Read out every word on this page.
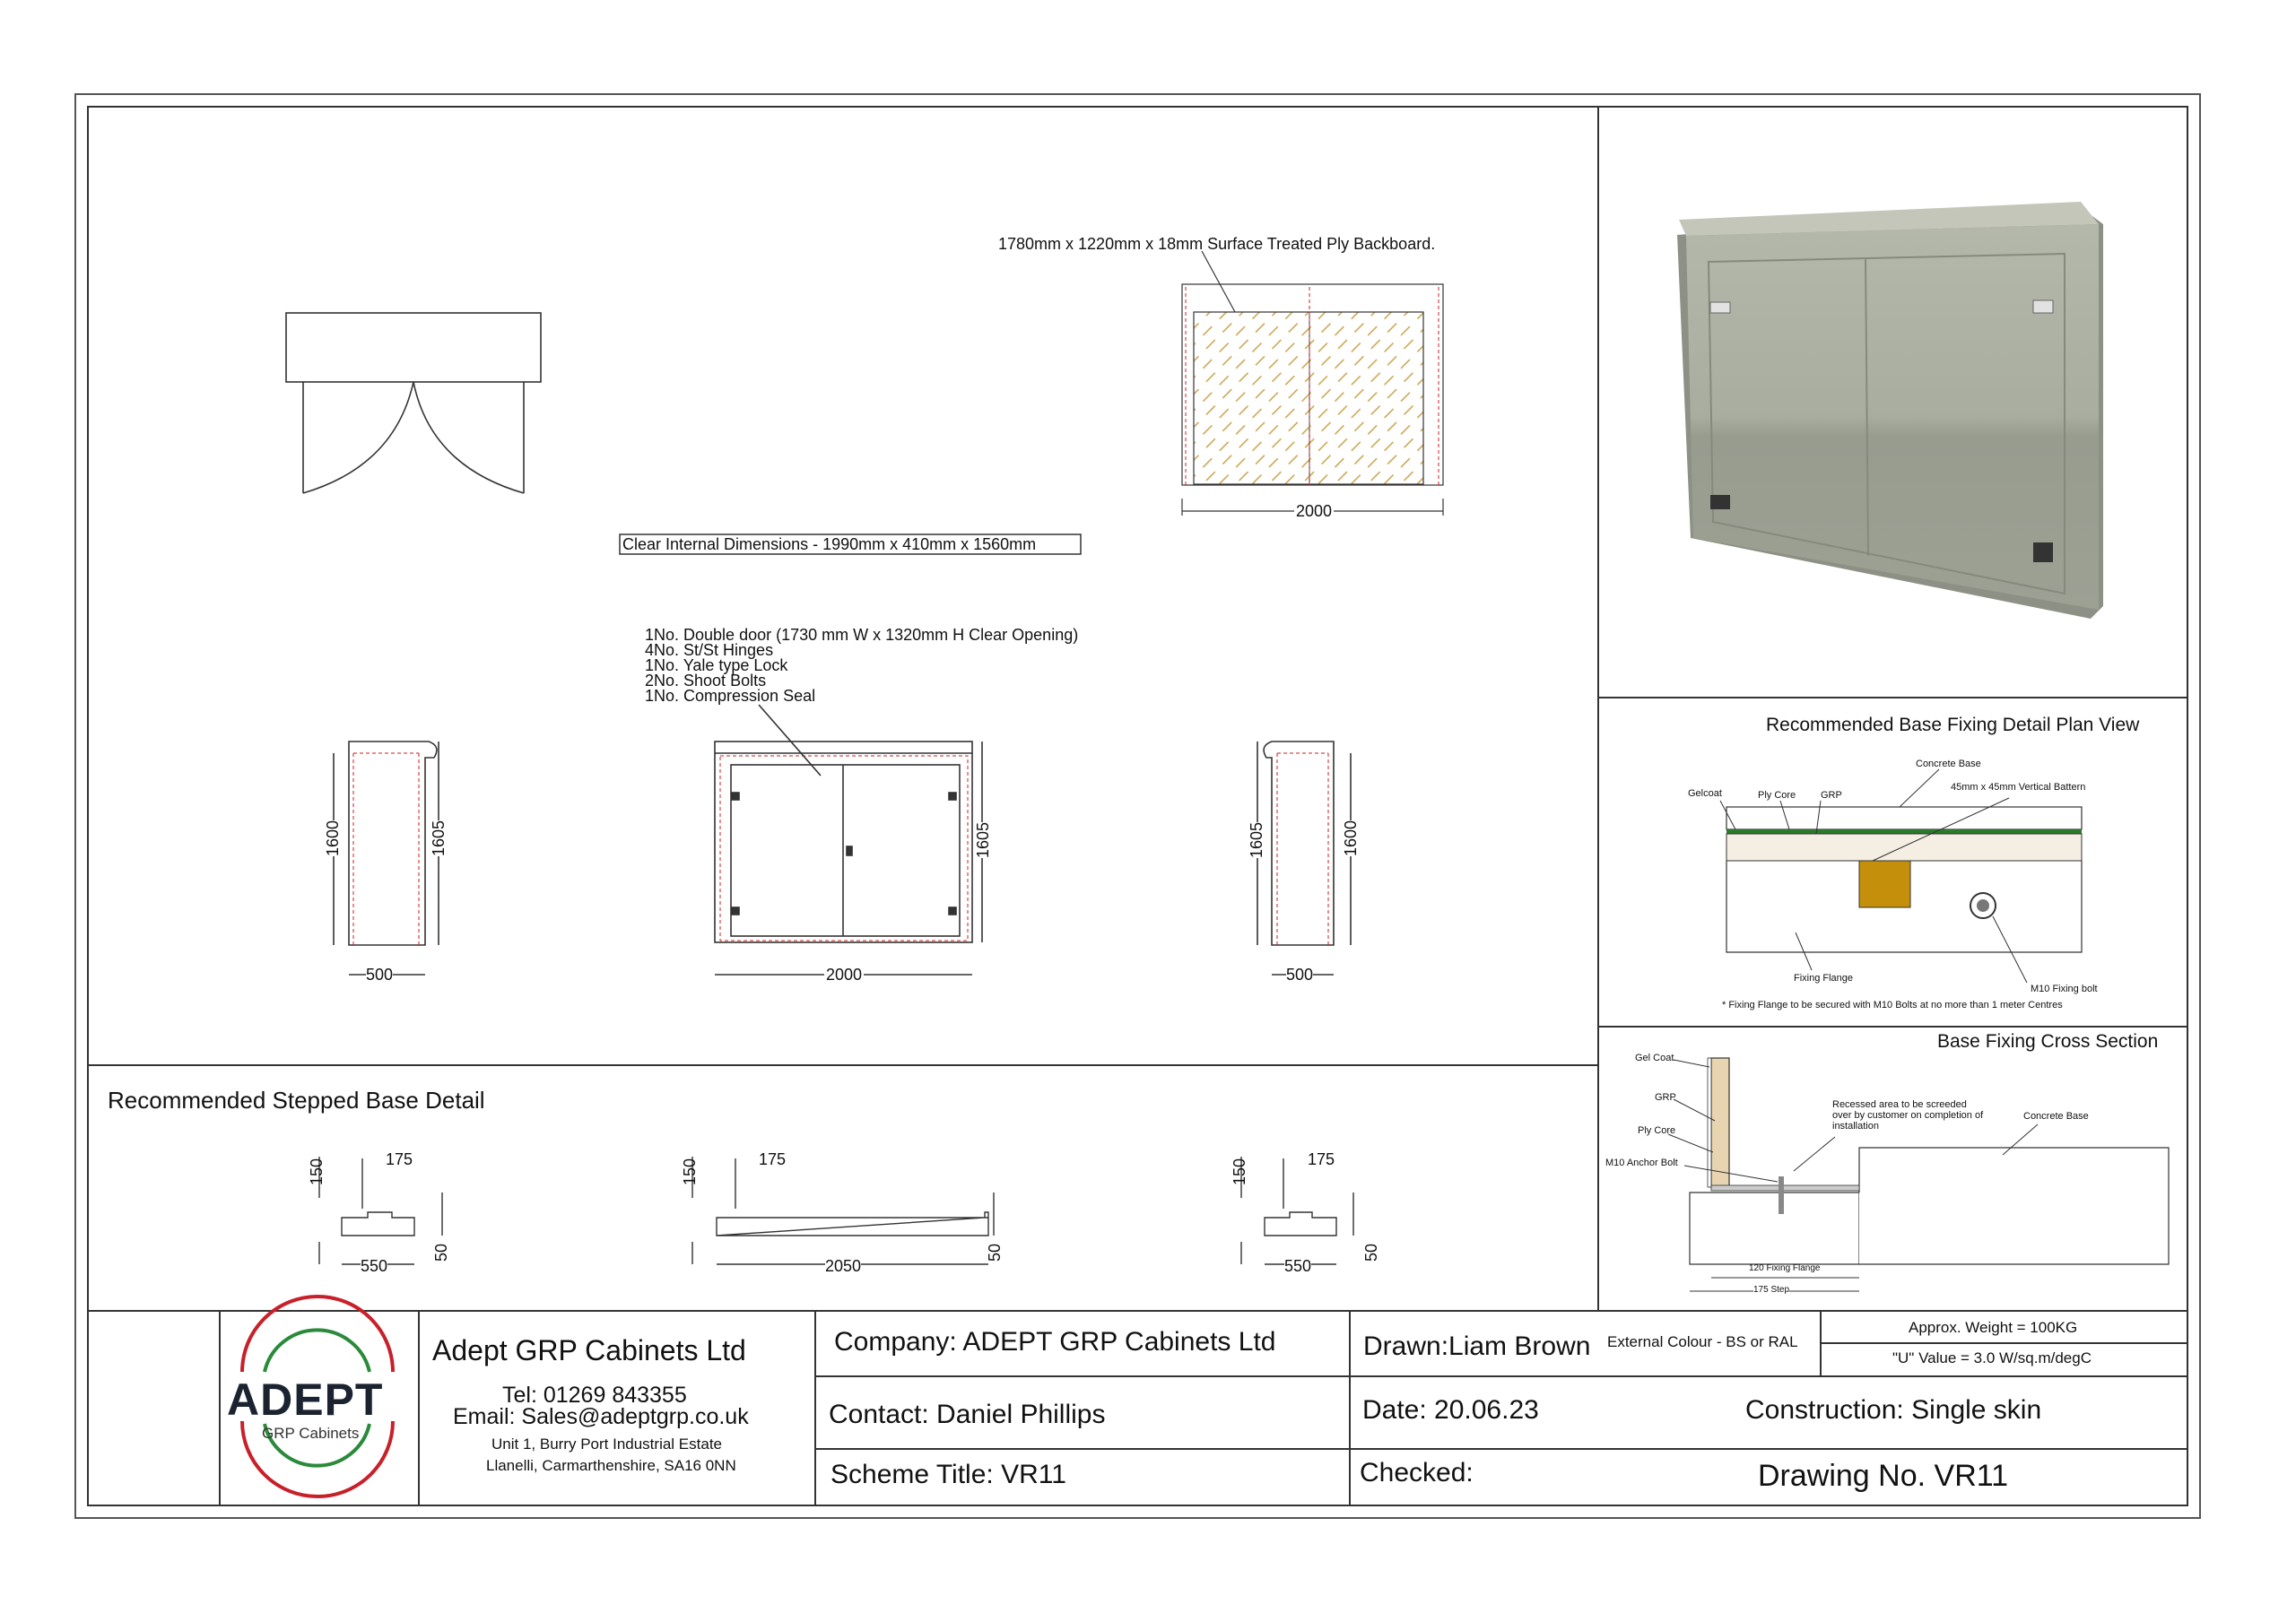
1780mm x 1220mm x 18mm Surface Treated Ply Backboard.
2000
Clear Internal Dimensions - 1990mm x 410mm x 1560mm
1No. Double door (1730 mm W x 1320mm H Clear Opening)
4No. St/St Hinges
1No. Yale type Lock
2No. Shoot Bolts
1No. Compression Seal
1600	1605
500
1605
2000
1605	1600
500
Recommended Stepped Base Detail
150	175
550
50
150	175
2050
50
150	175
550
50
Recommended Base Fixing Detail Plan View
Concrete Base
45mm x 45mm Vertical Battern
Gelcoat	Ply Core	GRP
Fixing Flange
M10 Fixing bolt
* Fixing Flange to be secured with M10 Bolts at no more than 1 meter Centres
Base Fixing Cross Section
Gel Coat
GRP
Ply Core
M10 Anchor Bolt
Recessed area to be screeded
over by customer on completion of
installation
Concrete Base
120 Fixing Flange
175 Step
ADEPT
GRP Cabinets
Adept GRP Cabinets Ltd
Tel: 01269 843355
Email: Sales@adeptgrp.co.uk
Unit 1, Burry Port Industrial Estate
Llanelli, Carmarthenshire, SA16 0NN
Company: ADEPT GRP Cabinets Ltd
Contact: Daniel Phillips
Scheme Title: VR11
Drawn:Liam Brown
Date: 20.06.23
Checked:
External Colour - BS or RAL
Approx. Weight = 100KG
"U" Value = 3.0 W/sq.m/degC
Construction: Single skin
Drawing No. VR11
